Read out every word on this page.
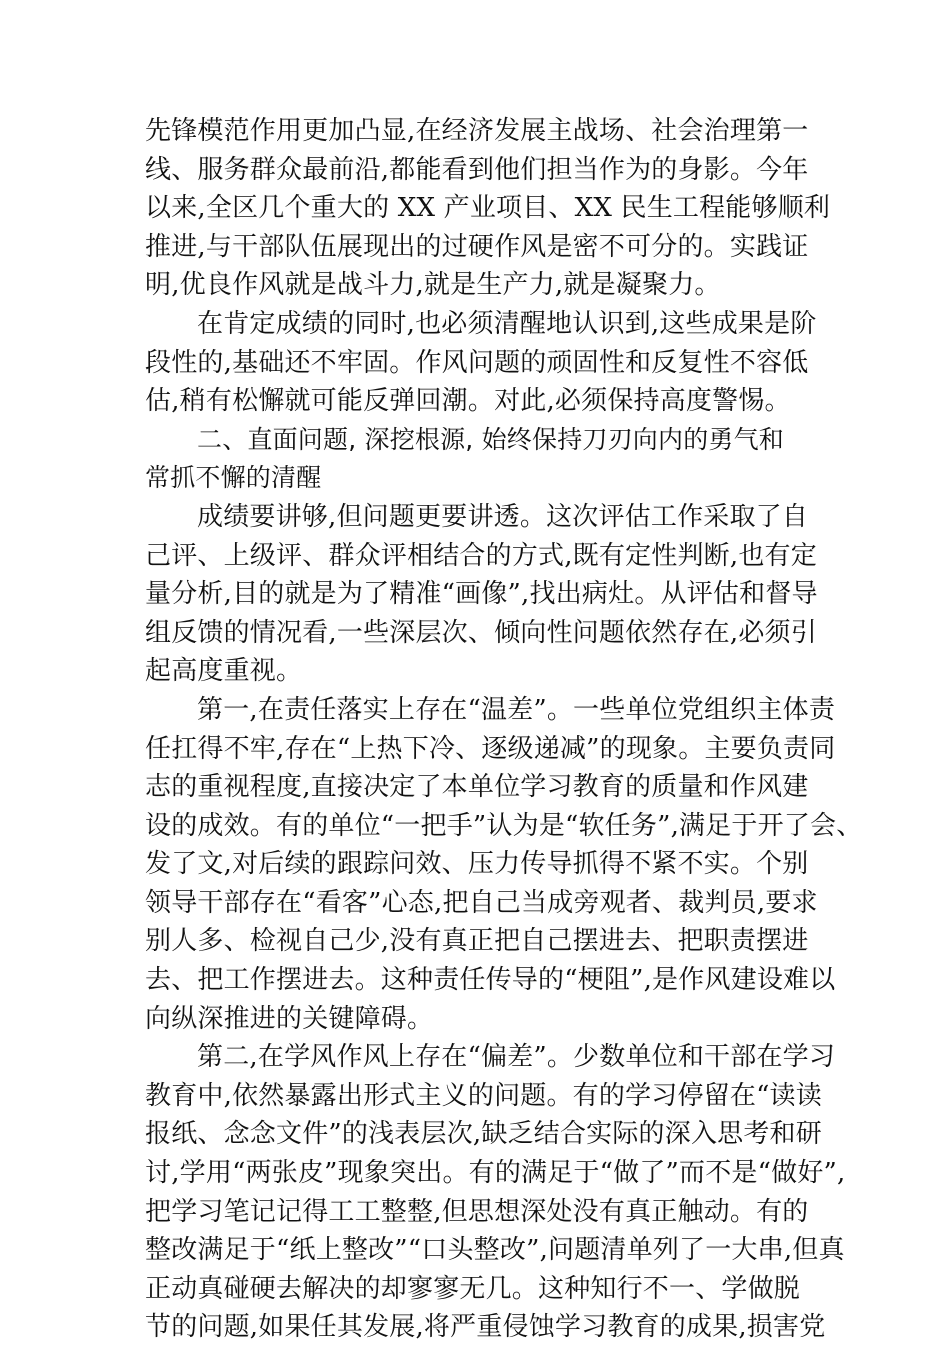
先锋模范作用更加凸显,在经济发展主战场、社会治理第一
线、服务群众最前沿,都能看到他们担当作为的身影。今年
以来,全区几个重大的 XX 产业项目、XX 民生工程能够顺利
推进,与干部队伍展现出的过硬作风是密不可分的。实践证
明,优良作风就是战斗力,就是生产力,就是凝聚力。
在肯定成绩的同时,也必须清醒地认识到,这些成果是阶
段性的,基础还不牢固。作风问题的顽固性和反复性不容低
估,稍有松懈就可能反弹回潮。对此,必须保持高度警惕。
二、直面问题, 深挖根源, 始终保持刀刃向内的勇气和
常抓不懈的清醒
成绩要讲够,但问题更要讲透。这次评估工作采取了自
己评、上级评、群众评相结合的方式,既有定性判断,也有定
量分析,目的就是为了精准“画像”,找出病灶。从评估和督导
组反馈的情况看,一些深层次、倾向性问题依然存在,必须引
起高度重视。
第一,在责任落实上存在“温差”。一些单位党组织主体责
任扛得不牢,存在“上热下冷、逐级递减”的现象。主要负责同
志的重视程度,直接决定了本单位学习教育的质量和作风建
设的成效。有的单位“一把手”认为是“软任务”,满足于开了会、
发了文,对后续的跟踪问效、压力传导抓得不紧不实。个别
领导干部存在“看客”心态,把自己当成旁观者、裁判员,要求
别人多、检视自己少,没有真正把自己摆进去、把职责摆进
去、把工作摆进去。这种责任传导的“梗阻”,是作风建设难以
向纵深推进的关键障碍。
第二,在学风作风上存在“偏差”。少数单位和干部在学习
教育中,依然暴露出形式主义的问题。有的学习停留在“读读
报纸、念念文件”的浅表层次,缺乏结合实际的深入思考和研
讨,学用“两张皮”现象突出。有的满足于“做了”而不是“做好”,
把学习笔记记得工工整整,但思想深处没有真正触动。有的
整改满足于“纸上整改”“口头整改”,问题清单列了一大串,但真
正动真碰硬去解决的却寥寥无几。这种知行不一、学做脱
节的问题,如果任其发展,将严重侵蚀学习教育的成果,损害党
